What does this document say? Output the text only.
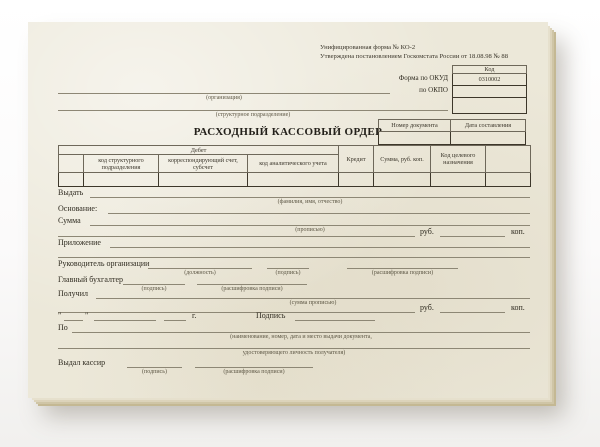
Унифицированная форма № КО-2
Утверждена постановлением Госкомстата России от 18.08.98 № 88
Код
0310002

Форма по ОКУД
по ОКПО
(организация)
(структурное подразделение)
РАСХОДНЫЙ КАССОВЫЙ ОРДЕР
Номер документа	Дата составления

Дебет				Кредит	Сумма, руб. коп.	Код целевого назначения	
	код структурного подразделения	корреспондирующий счет, субсчет	код аналитического учета				

Выдать
(фамилия, имя, отчество)
Основание:
Сумма
(прописью)	руб.	коп.
Приложение
Руководитель организации
(должность)	(подпись)	(расшифровка подписи)
Главный бухгалтер
(подпись)	(расшифровка подписи)
Получил
(сумма прописью)	руб.	коп.
"	"	г.	Подпись
По
(наименование, номер, дата и место выдачи документа,
удостоверяющего личность получателя)
Выдал кассир
(подпись)	(расшифровка подписи)
